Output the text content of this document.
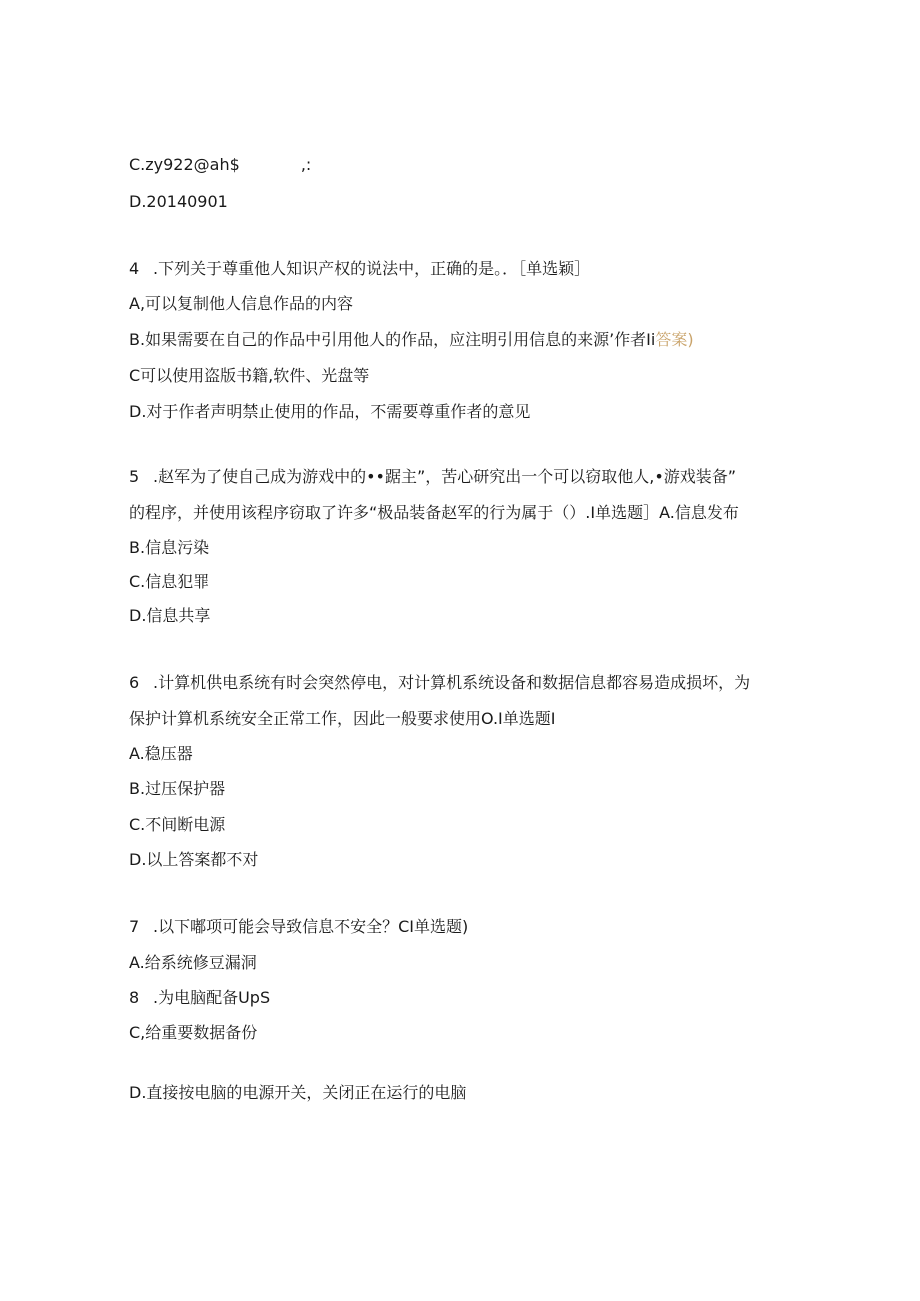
C.zy922@ah$            ,:
D.20140901
4 .下列关于尊重他人知识产权的说法中，正确的是。．［单选颖］
A,可以复制他人信息作品的内容
B.如果需要在自己的作品中引用他人的作品，应注明引用信息的来源’作者Ii答案)
C可以使用盗版书籍,软件、光盘等
D.对于作者声明禁止使用的作品，不需要尊重作者的意见
5 .赵军为了使自己成为游戏中的••踞主”，苦心研究出一个可以窃取他人,•游戏装备”
的程序，并使用该程序窃取了许多“极品装备赵军的行为属于（）.I单选题］A.信息发布
B.信息污染
C.信息犯罪
D.信息共享
6 .计算机供电系统有时会突然停电，对计算机系统设备和数据信息都容易造成损坏，为
保护计算机系统安全正常工作，因此一般要求使用O.I单选题I
A.稳压器
B.过压保护器
C.不间断电源
D.以上答案都不对
7 .以下嘟项可能会导致信息不安全？CI单选题)
A.给系统修豆漏洞
8 .为电脑配备UpS
C,给重要数据备份
D.直接按电脑的电源开关，关闭正在运行的电脑
